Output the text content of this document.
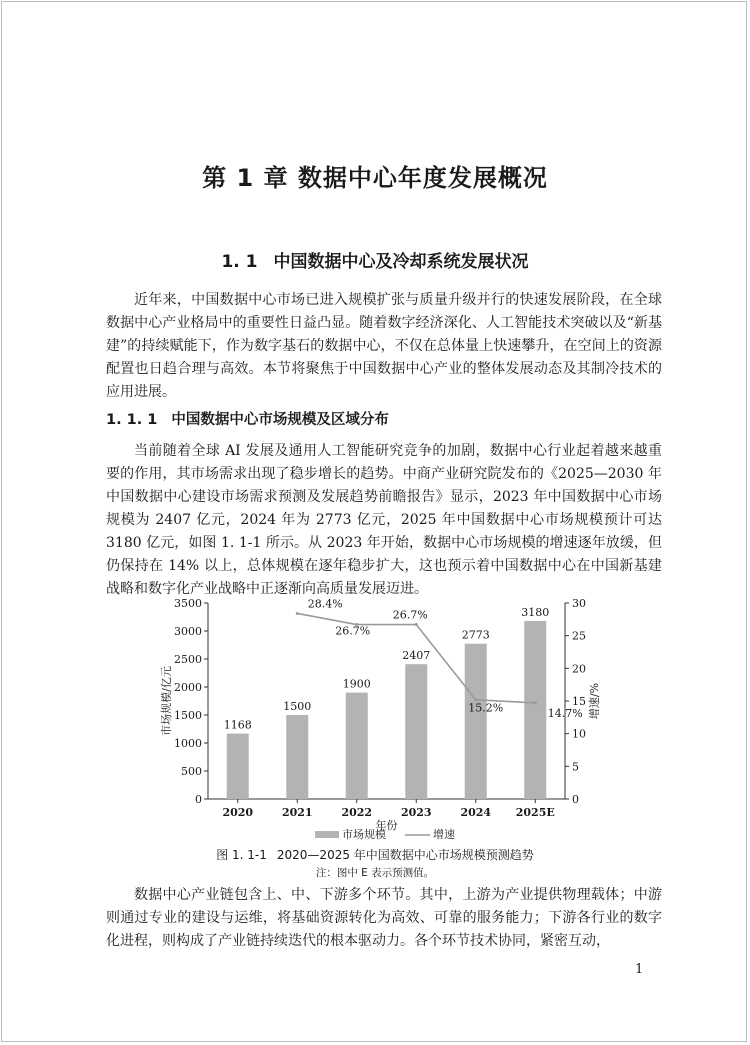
第 1 章 数据中心年度发展概况
1. 1 中国数据中心及冷却系统发展状况

近年来，中国数据中心市场已进入规模扩张与质量升级并行的快速发展阶段，在全球数据中心产业格局中的重要性日益凸显。随着数字经济深化、人工智能技术突破以及“新基建”的持续赋能下，作为数字基石的数据中心，不仅在总体量上快速攀升，在空间上的资源配置也日趋合理与高效。本节将聚焦于中国数据中心产业的整体发展动态及其制冷技术的应用进展。

1. 1. 1 中国数据中心市场规模及区域分布

当前随着全球 AI 发展及通用人工智能研究竞争的加剧，数据中心行业起着越来越重要的作用，其市场需求出现了稳步增长的趋势。中商产业研究院发布的《2025—2030 年中国数据中心建设市场需求预测及发展趋势前瞻报告》显示，2023 年中国数据中心市场规模为 2407 亿元，2024 年为 2773 亿元，2025 年中国数据中心市场规模预计可达 3180 亿元，如图 1. 1-1 所示。从 2023 年开始，数据中心市场规模的增速逐年放缓，但仍保持在 14% 以上，总体规模在逐年稳步扩大，这也预示着中国数据中心在中国新基建战略和数字化产业战略中正逐渐向高质量发展迈进。

0
500
1000
1500
2000
2500
3000
3500
0
5
10
15
20
25
30
1168
1500
1900
2407
2773
3180
2020	2021	2022	2023	2024 2025E
28.4%
26.7%
26.7%
15.2%	14.7%
年份
市场规模/亿元	增速/%
市场规模	增速
图 1. 1-1 2020—2025 年中国数据中心市场规模预测趋势
注：图中 E 表示预测值。

数据中心产业链包含上、中、下游多个环节。其中，上游为产业提供物理载体；中游则通过专业的建设与运维，将基础资源转化为高效、可靠的服务能力；下游各行业的数字化进程，则构成了产业链持续迭代的根本驱动力。各个环节技术协同，紧密互动，

1
